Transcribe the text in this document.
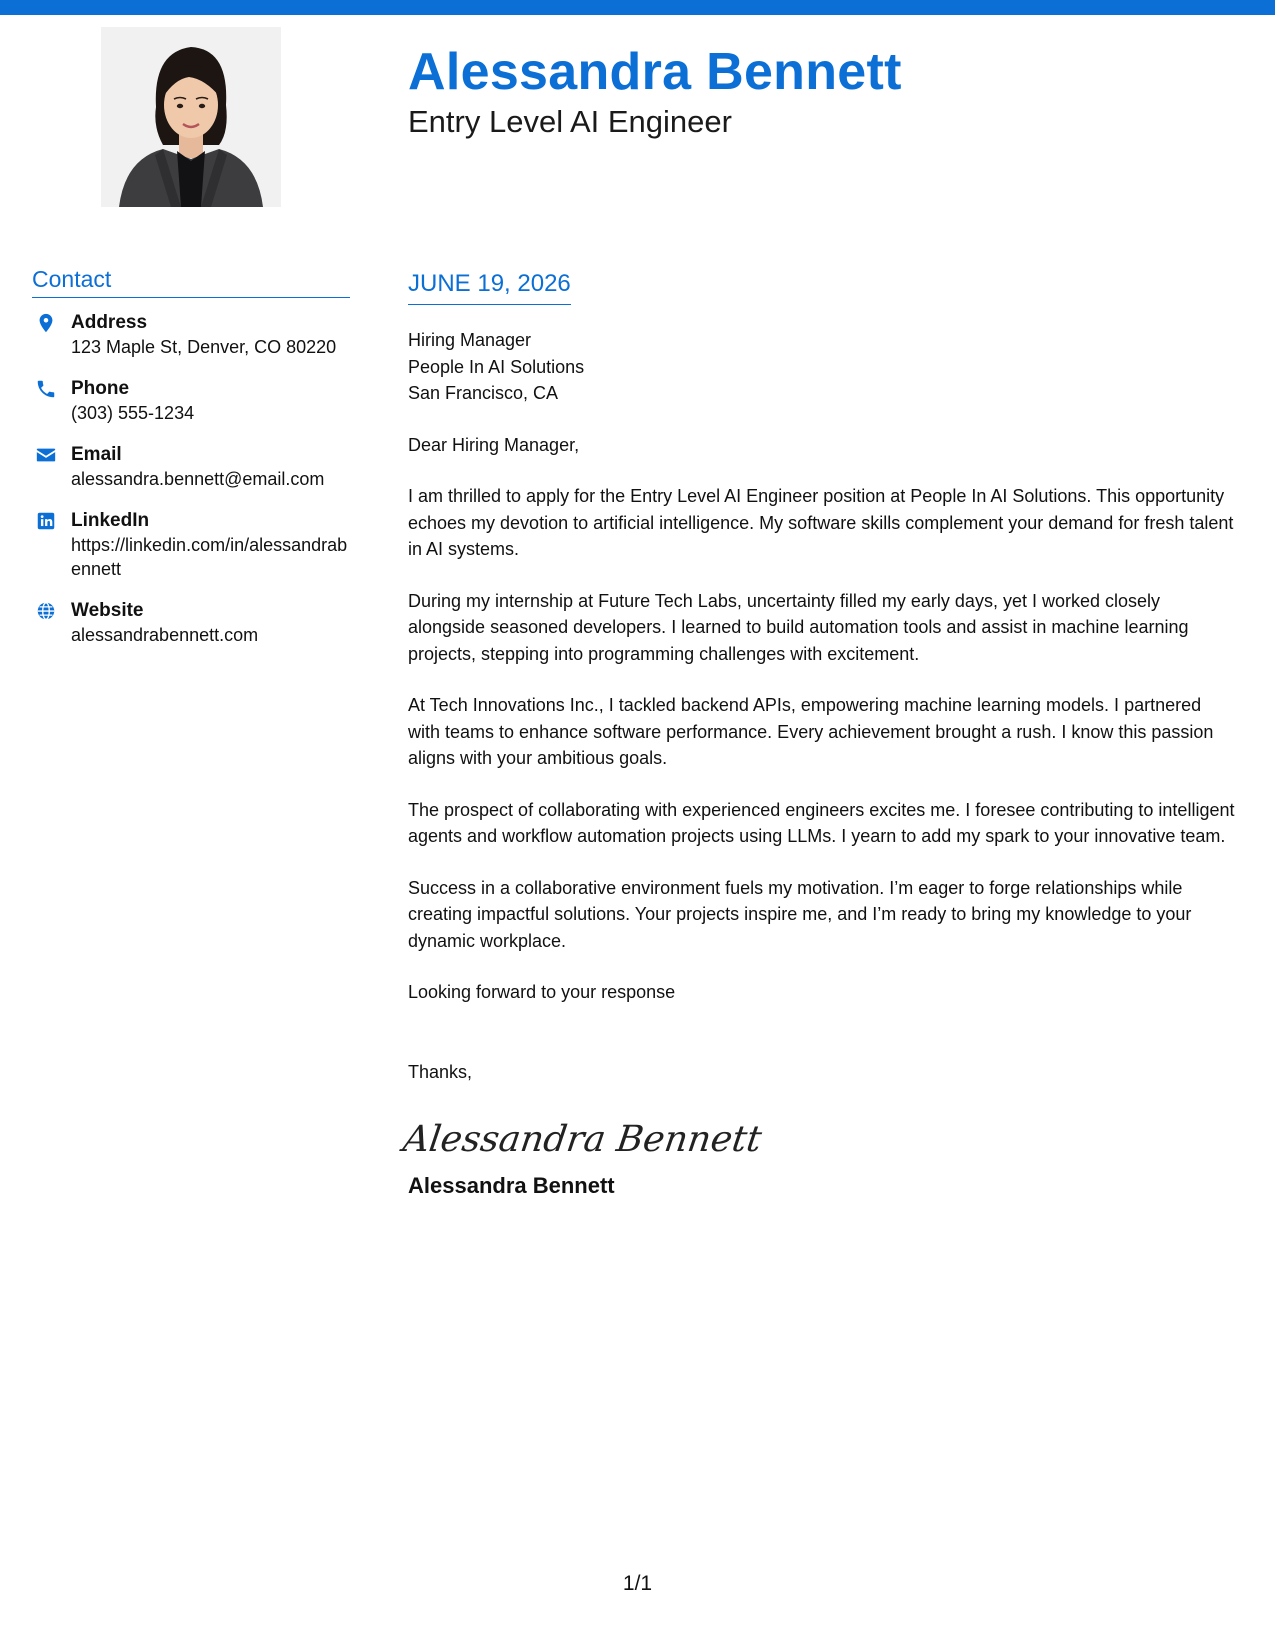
Alessandra Bennett
Entry Level AI Engineer
Contact
Address
123 Maple St, Denver, CO 80220
Phone
(303) 555-1234
Email
alessandra.bennett@email.com
LinkedIn
https://linkedin.com/in/alessandrabennett
Website
alessandrabennett.com
JUNE 19, 2026
Hiring Manager
People In AI Solutions
San Francisco, CA
Dear Hiring Manager,
I am thrilled to apply for the Entry Level AI Engineer position at People In AI Solutions. This opportunity echoes my devotion to artificial intelligence. My software skills complement your demand for fresh talent in AI systems.
During my internship at Future Tech Labs, uncertainty filled my early days, yet I worked closely alongside seasoned developers. I learned to build automation tools and assist in machine learning projects, stepping into programming challenges with excitement.
At Tech Innovations Inc., I tackled backend APIs, empowering machine learning models. I partnered with teams to enhance software performance. Every achievement brought a rush. I know this passion aligns with your ambitious goals.
The prospect of collaborating with experienced engineers excites me. I foresee contributing to intelligent agents and workflow automation projects using LLMs. I yearn to add my spark to your innovative team.
Success in a collaborative environment fuels my motivation. I’m eager to forge relationships while creating impactful solutions. Your projects inspire me, and I’m ready to bring my knowledge to your dynamic workplace.
Looking forward to your response
Thanks,
Alessandra Bennett
Alessandra Bennett
1/1
